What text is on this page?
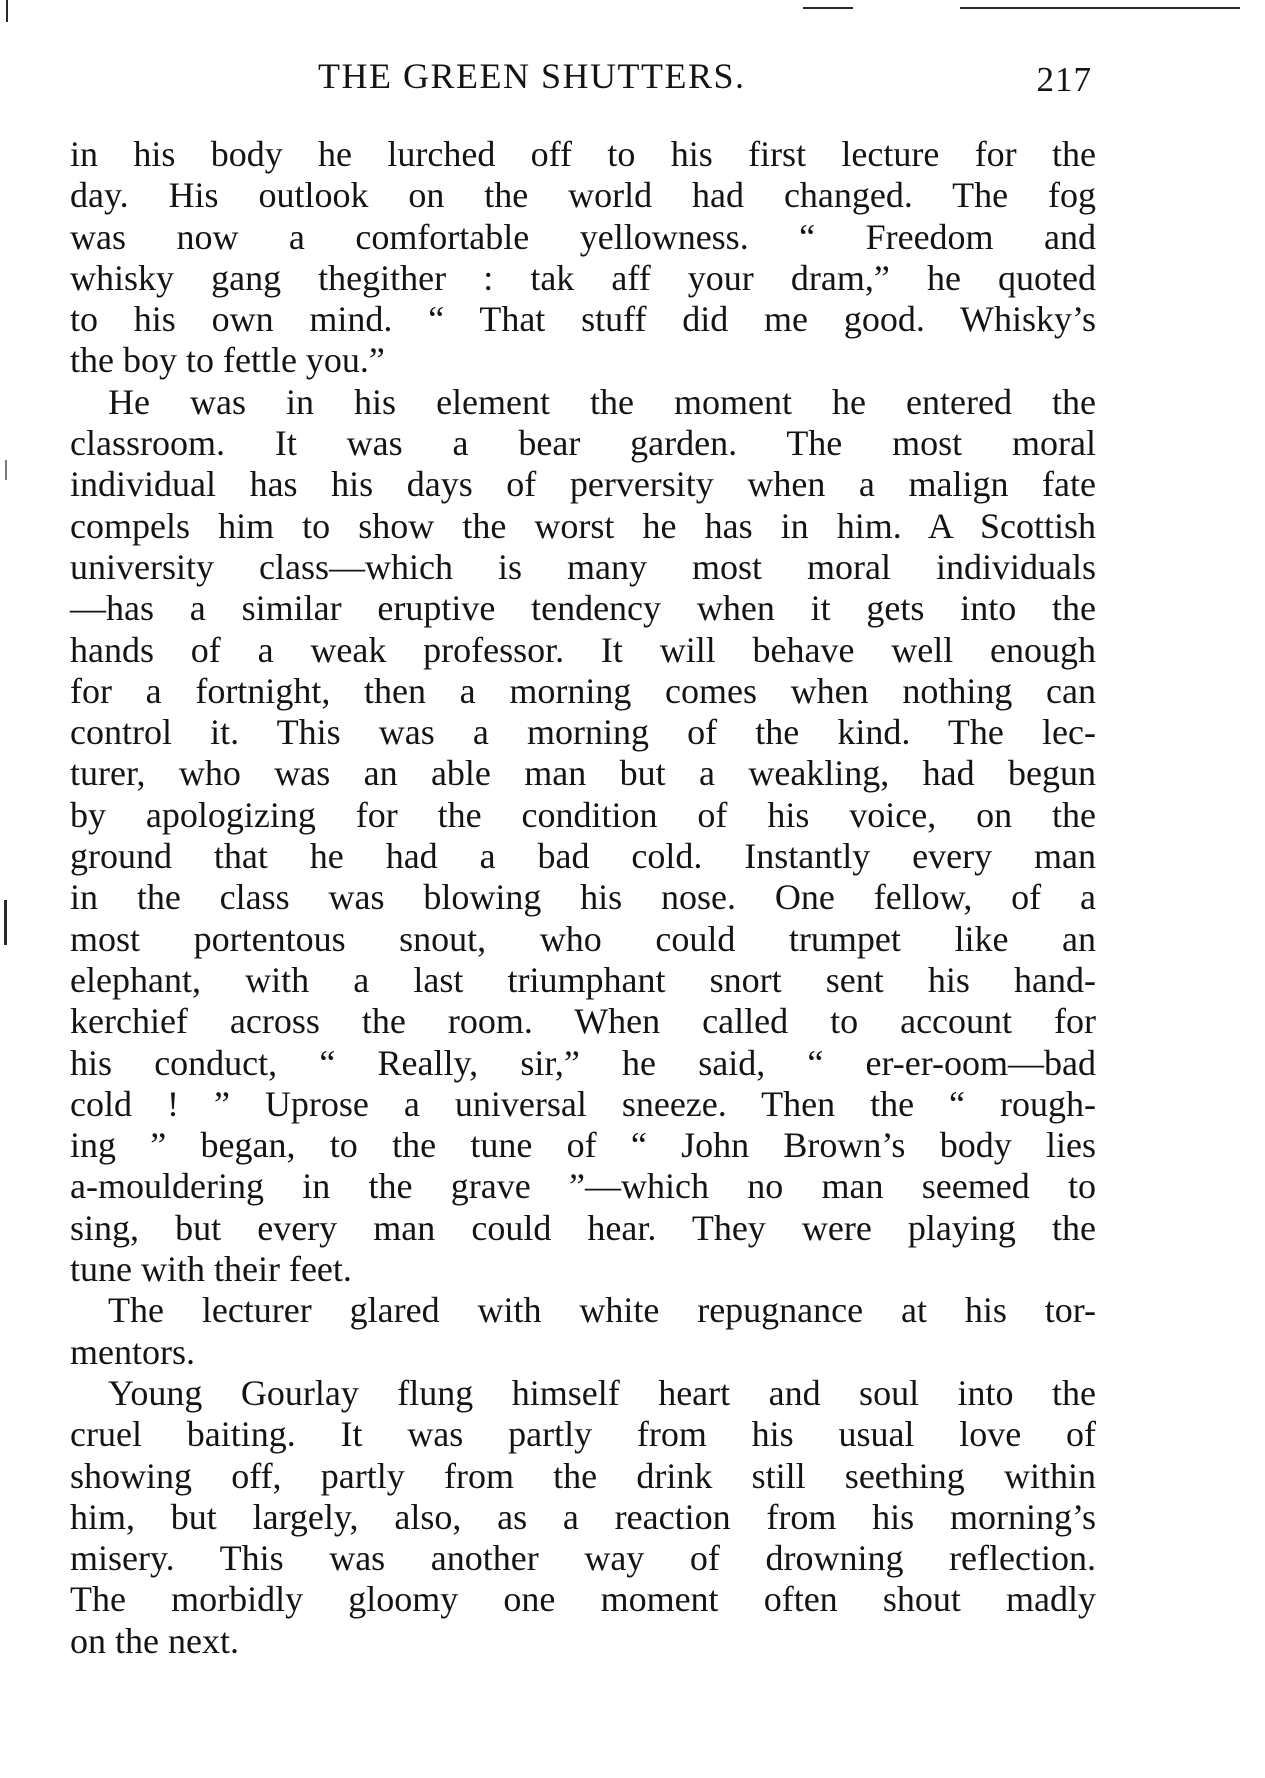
THE GREEN SHUTTERS.	217
in his body he lurched off to his first lecture for the
day. His outlook on the world had changed. The fog
was now a comfortable yellowness. “ Freedom and
whisky gang thegither : tak aff your dram,” he quoted
to his own mind. “ That stuff did me good. Whisky’s
the boy to fettle you.”
He was in his element the moment he entered the
classroom. It was a bear garden. The most moral
individual has his days of perversity when a malign fate
compels him to show the worst he has in him. A Scottish
university class—which is many most moral individuals
—has a similar eruptive tendency when it gets into the
hands of a weak professor. It will behave well enough
for a fortnight, then a morning comes when nothing can
control it. This was a morning of the kind. The lec-
turer, who was an able man but a weakling, had begun
by apologizing for the condition of his voice, on the
ground that he had a bad cold. Instantly every man
in the class was blowing his nose. One fellow, of a
most portentous snout, who could trumpet like an
elephant, with a last triumphant snort sent his hand-
kerchief across the room. When called to account for
his conduct, “ Really, sir,” he said, “ er-er-oom—bad
cold ! ” Uprose a universal sneeze. Then the “ rough-
ing ” began, to the tune of “ John Brown’s body lies
a-mouldering in the grave ”—which no man seemed to
sing, but every man could hear. They were playing the
tune with their feet.
The lecturer glared with white repugnance at his tor-
mentors.
Young Gourlay flung himself heart and soul into the
cruel baiting. It was partly from his usual love of
showing off, partly from the drink still seething within
him, but largely, also, as a reaction from his morning’s
misery. This was another way of drowning reflection.
The morbidly gloomy one moment often shout madly
on the next.
